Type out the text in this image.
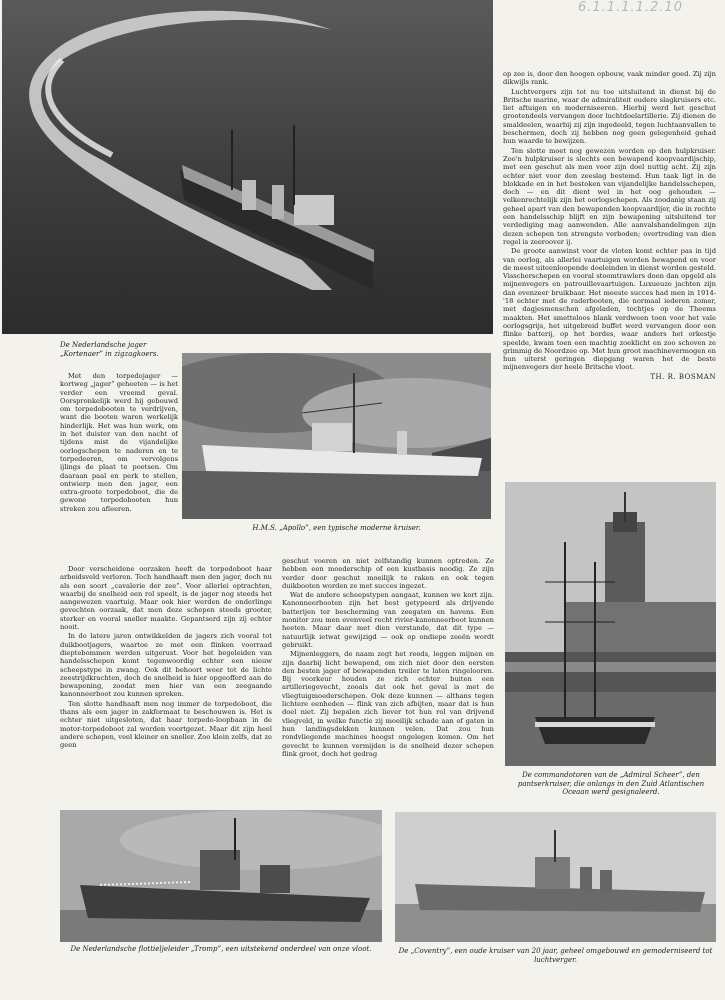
6.1.1.1.1.2.10
De Nederlandsche jager „Kortenaer” in zigzagkoers.
H.M.S. „Apollo”, een typische moderne kruiser.

op zee is, door den hoogen opbouw, vaak minder goed. Zij zijn dikwijls rank.

Luchtvergers zijn tot nu toe uitsluitend in dienst bij de Britsche marine, waar de admiraliteit oudere slagkruisers etc. liet aftuigen en moderniseeren. Hierbij werd het geschut grootendeels vervangen door luchtdoelartillerie. Zij dienen de smaldeelen, waarbij zij zijn ingedeeld, tegen luchtaanvallen te beschermen, doch zij hebben nog geen gelegenheid gehad hun waarde te bewijzen.

Ten slotte moet nog gewezen worden op den hulpkruiser. Zoo'n hulpkruiser is slechts een bewapend koopvaardijschip, met een geschut als men voor zijn doel nuttig acht. Zij zijn echter niet voor den zeeslag bestemd. Hun taak ligt in de blokkade en in het bestoken van vijandelijke handelsschepen, doch — en dit dient wel in het oog gehouden — volkenrechtelijk zijn het oorlogschepen. Als zoodanig staan zij geheel apart van den bewapenden koopvaardijer, die in rechte een handelsschip blijft en zijn bewapening uitsluitend ter verdediging mag aanwenden. Alle aanvalshandelingen zijn dezen schepen ten strengste verboden; overtreding van dien regel is zeeroover ij.

De groote aanwinst voor de vloten komt echter pas in tijd van oorlog, als allerlei vaartuigen worden bewapend en voor de meest uiteenloopende doeleinden in dienst worden gesteld. Visscherschepen en vooral stoomtrawlers doen dan opgeld als mijnenvegers en patrouillevaartuigen. Luxueuze jachten zijn dan evenzeer bruikbaar. Het meeste succes had men in 1914-'18 echter met de raderbooten, die normaal iederen zomer, met dagjesmenschen afgeladen, tochtjes op de Theems maakten. Het smetteloos blank verdween toen voor het vale oorlogsgrijs, het uitgebreid buffet werd vervangen door een flinke batterij, op het bordes, waar anders het orkestje speelde, kwam toen een machtig zoeklicht en zoo schoven ze grimmig de Noordzee op. Met hun groot machinevermogen en hun uiterst geringen diepgang waren het de beste mijnenvegers der heele Britsche vloot.

TH. R. BOSMAN

Met den torpedojager — kortweg „jager” geheeten — is het verder een vreemd geval. Oorspronkelijk werd hij gebouwd om torpedobooten te verdrijven, want die booten waren werkelijk hinderlijk. Het was hun werk, om in het duister van den nacht of tijdens mist de vijandelijke oorlogschepen te naderen en te torpedeeren, om vervolgens ijlings de plaat te poetsen. Om daaraan paal en perk te stellen, ontwierp men den jager, een extra-groote torpedoboot, die de gewone torpedobooten hun streken zou afleeren.

Door verscheidene oorzaken heeft de torpedoboot haar arbeidsveld verloren. Toch handhaaft men den jager, doch nu als een soort „cavalerie der zee”. Voor allerlei optrachten, waarbij de snelheid een rol speelt, is de jager nog steeds het aangewezen vaartuig. Maar ook hier werden de onderlinge gevechten oorzaak, dat men deze schepen steeds grooter, sterker en vooral sneller maakte. Gepantserd zijn zij echter nooit.

In de latere jaren ontwikkelden de jagers zich vooral tot duikbootjagers, waartoe ze met een flinken voorraad dieptebommen werden uitgerust. Voor het begeleiden van handelsschepen komt tegenwoordig echter een nieuw scheepstype in zwang. Ook dit behoort weer tot de lichte zeestrijdkrachten, doch de snelheid is hier opgeofferd aan de bewapening, zoodat men hier van een zeegaande kanonneerboot zou kunnen spreken.

Ten slotte handhaaft men nog immer de torpedoboot, die thans als een jager in zakformaat te beschouwen is. Het is echter niet uitgesloten, dat haar torpedo-loopbaan in de motor-torpedoboot zal worden voortgezet. Maar dit zijn heel andere schepen, veel kleiner en sneller. Zoo klein zelfs, dat ze geen

geschut voeren en niet zelfstandig kunnen optreden. Ze hebben een moederschip of een kustbasis noodig. Ze zijn verder door geschut moeilijk te raken en ook tegen duikbooten worden ze met succes ingezet.

Wat de andere scheepstypen aangaat, kunnen we kort zijn. Kanonneerbooten zijn het best getypeerd als drijvende batterijen ter bescherming van zeegaten en havens. Een monitor zou men evenveel recht rivier-kanonneerboot kunnen heeten. Maar daar met dien verstande, dat dit type — natuurlijk ietwat gewijzigd — ook op ondiepe zeeën wordt gebruikt.

Mijnenleggers, de naam zegt het reeds, leggen mijnen en zijn daarbij licht bewapend, om zich niet door den eersten den besten jager of bewapenden treiler te laten ringelooren. Bij voorkeur houden ze zich echter buiten een artilleriegevecht, zooals dat ook het geval is met de vliegtuigmoederschepen. Ook deze kunnen — althans tegen lichtere eenheden — flink van zich afbijten, maar dat is hun doel niet. Zij bepalen zich liever tot hun rol van drijvend vliegveld, in welke functie zij moeilijk schade aan of gaten in hun landingsdekken kunnen velen. Dat zou hun rondvliegende machines hoogst ongelegen komen. Om het gevecht te kunnen vermijden is de snelheid dezer schepen flink groot, doch het gedrag

De commandotoren van de „Admiral Scheer”, den pantserkruiser, die onlangs in den Zuid Atlantischen Oceaan werd gesignaleerd.
De Nederlandsche flottieljeleider „Tromp”, een uitstekend onderdeel van onze vloot.	De „Coventry”, een oude kruiser van 20 jaar, geheel omgebouwd en gemoderniseerd tot luchtverger.
